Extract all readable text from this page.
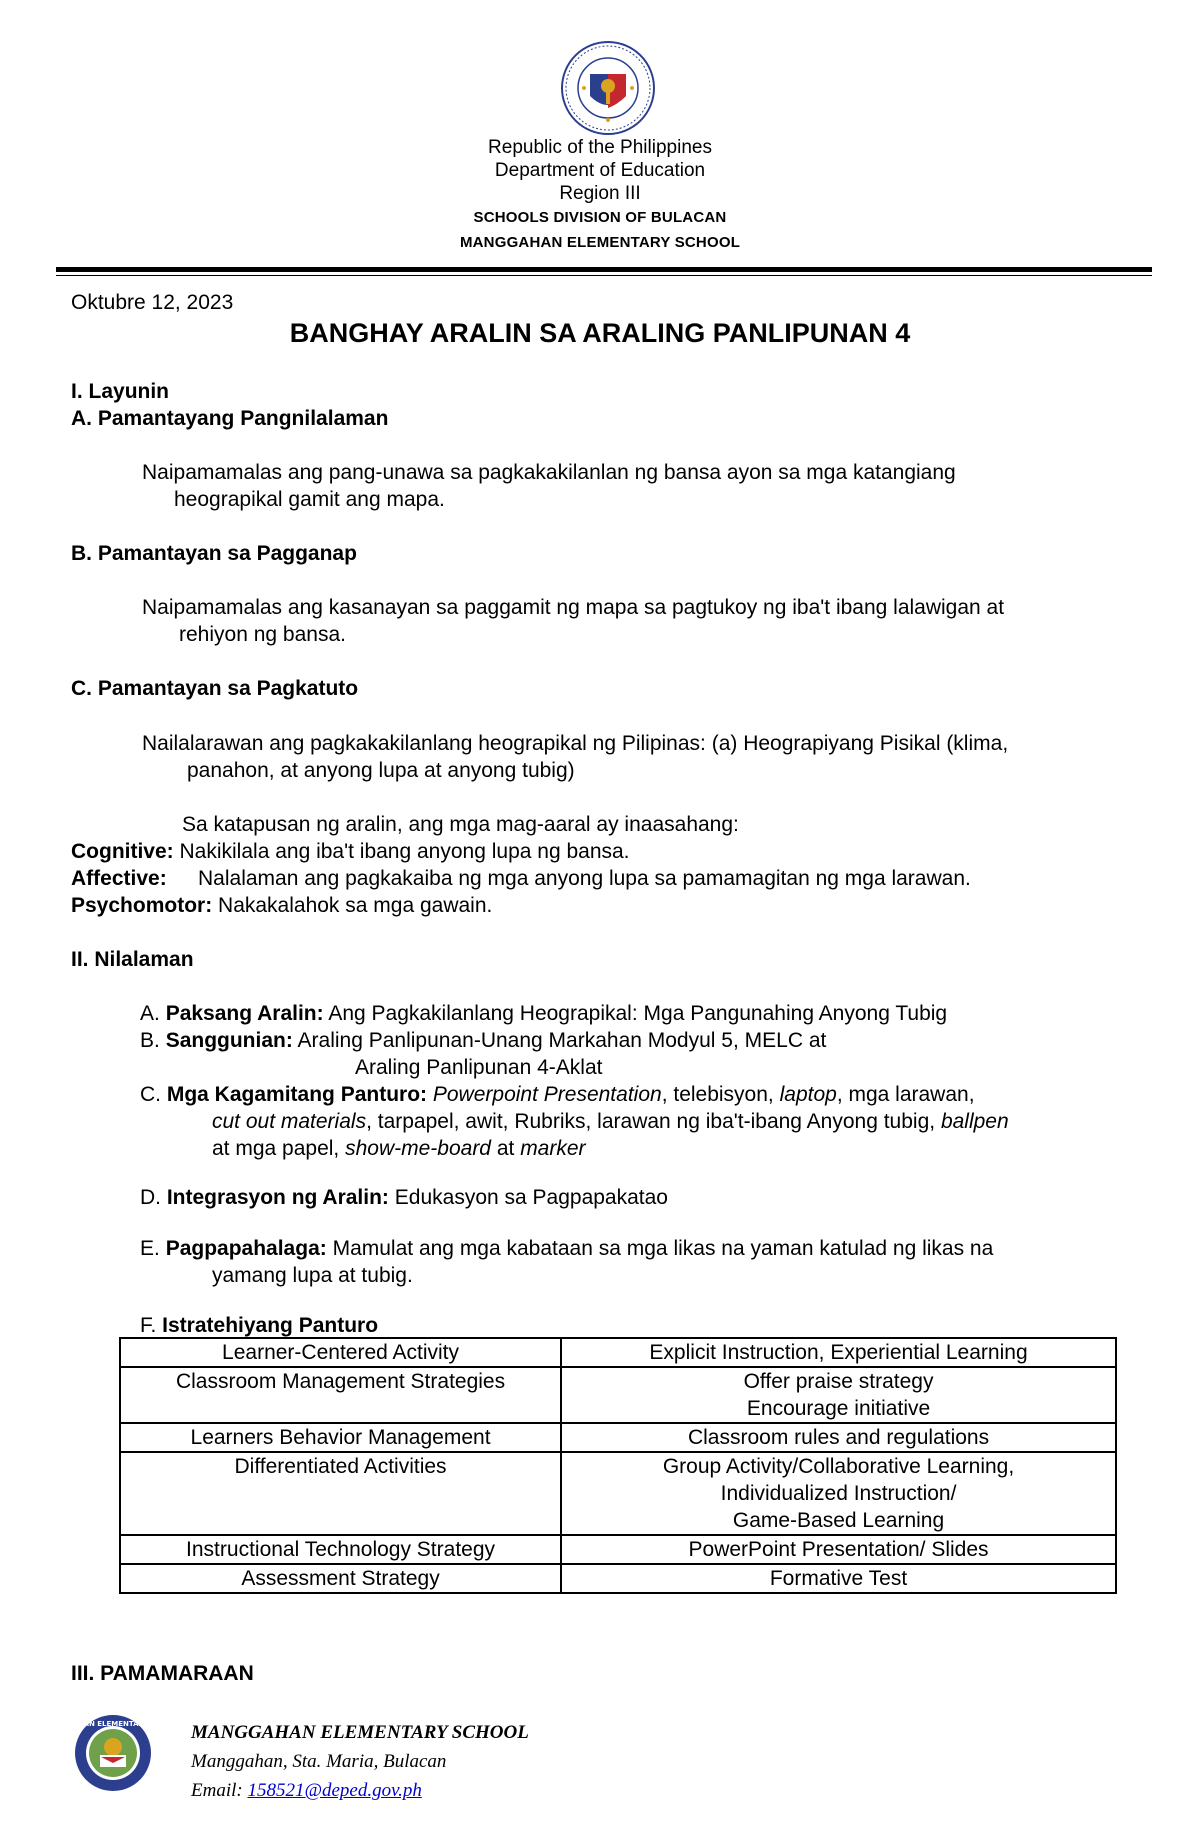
Republic of the Philippines
Department of Education
Region III
SCHOOLS DIVISION OF BULACAN
MANGGAHAN ELEMENTARY SCHOOL
Oktubre 12, 2023
BANGHAY ARALIN SA ARALING PANLIPUNAN 4
I. Layunin
A. Pamantayang Pangnilalaman
Naipamamalas ang pang-unawa sa pagkakakilanlan ng bansa ayon sa mga katangiang
heograpikal gamit ang mapa.
B. Pamantayan sa Pagganap
Naipamamalas ang kasanayan sa paggamit ng mapa sa pagtukoy ng iba't ibang lalawigan at
rehiyon ng bansa.
C. Pamantayan sa Pagkatuto
Nailalarawan ang pagkakakilanlang heograpikal ng Pilipinas: (a) Heograpiyang Pisikal (klima,
panahon, at anyong lupa at anyong tubig)
Sa katapusan ng aralin, ang mga mag-aaral ay inaasahang:
Cognitive: Nakikilala ang iba't ibang anyong lupa ng bansa.
Affective: Nalalaman ang pagkakaiba ng mga anyong lupa sa pamamagitan ng mga larawan.
Psychomotor: Nakakalahok sa mga gawain.
II. Nilalaman
A. Paksang Aralin: Ang Pagkakilanlang Heograpikal: Mga Pangunahing Anyong Tubig
B. Sanggunian: Araling Panlipunan-Unang Markahan Modyul 5, MELC at
Araling Panlipunan 4-Aklat
C. Mga Kagamitang Panturo: Powerpoint Presentation, telebisyon, laptop, mga larawan,
cut out materials, tarpapel, awit, Rubriks, larawan ng iba't-ibang Anyong tubig, ballpen
at mga papel, show-me-board at marker
D. Integrasyon ng Aralin: Edukasyon sa Pagpapakatao
E. Pagpapahalaga: Mamulat ang mga kabataan sa mga likas na yaman katulad ng likas na
yamang lupa at tubig.
F. Istratehiyang Panturo
Learner-Centered Activity	Explicit Instruction, Experiential Learning
Classroom Management Strategies	Offer praise strategy
Encourage initiative
Learners Behavior Management	Classroom rules and regulations
Differentiated Activities	Group Activity/Collaborative Learning,
Individualized Instruction/
Game-Based Learning
Instructional Technology Strategy	PowerPoint Presentation/ Slides

Assessment Strategy	Formative Test
III. PAMAMARAAN
MANGGAHAN ELEMENTARY SCHOOL MANGGAHAN ELEMENTARY SCHOOL
Manggahan, Sta. Maria, Bulacan
Email: 158521@deped.gov.ph
